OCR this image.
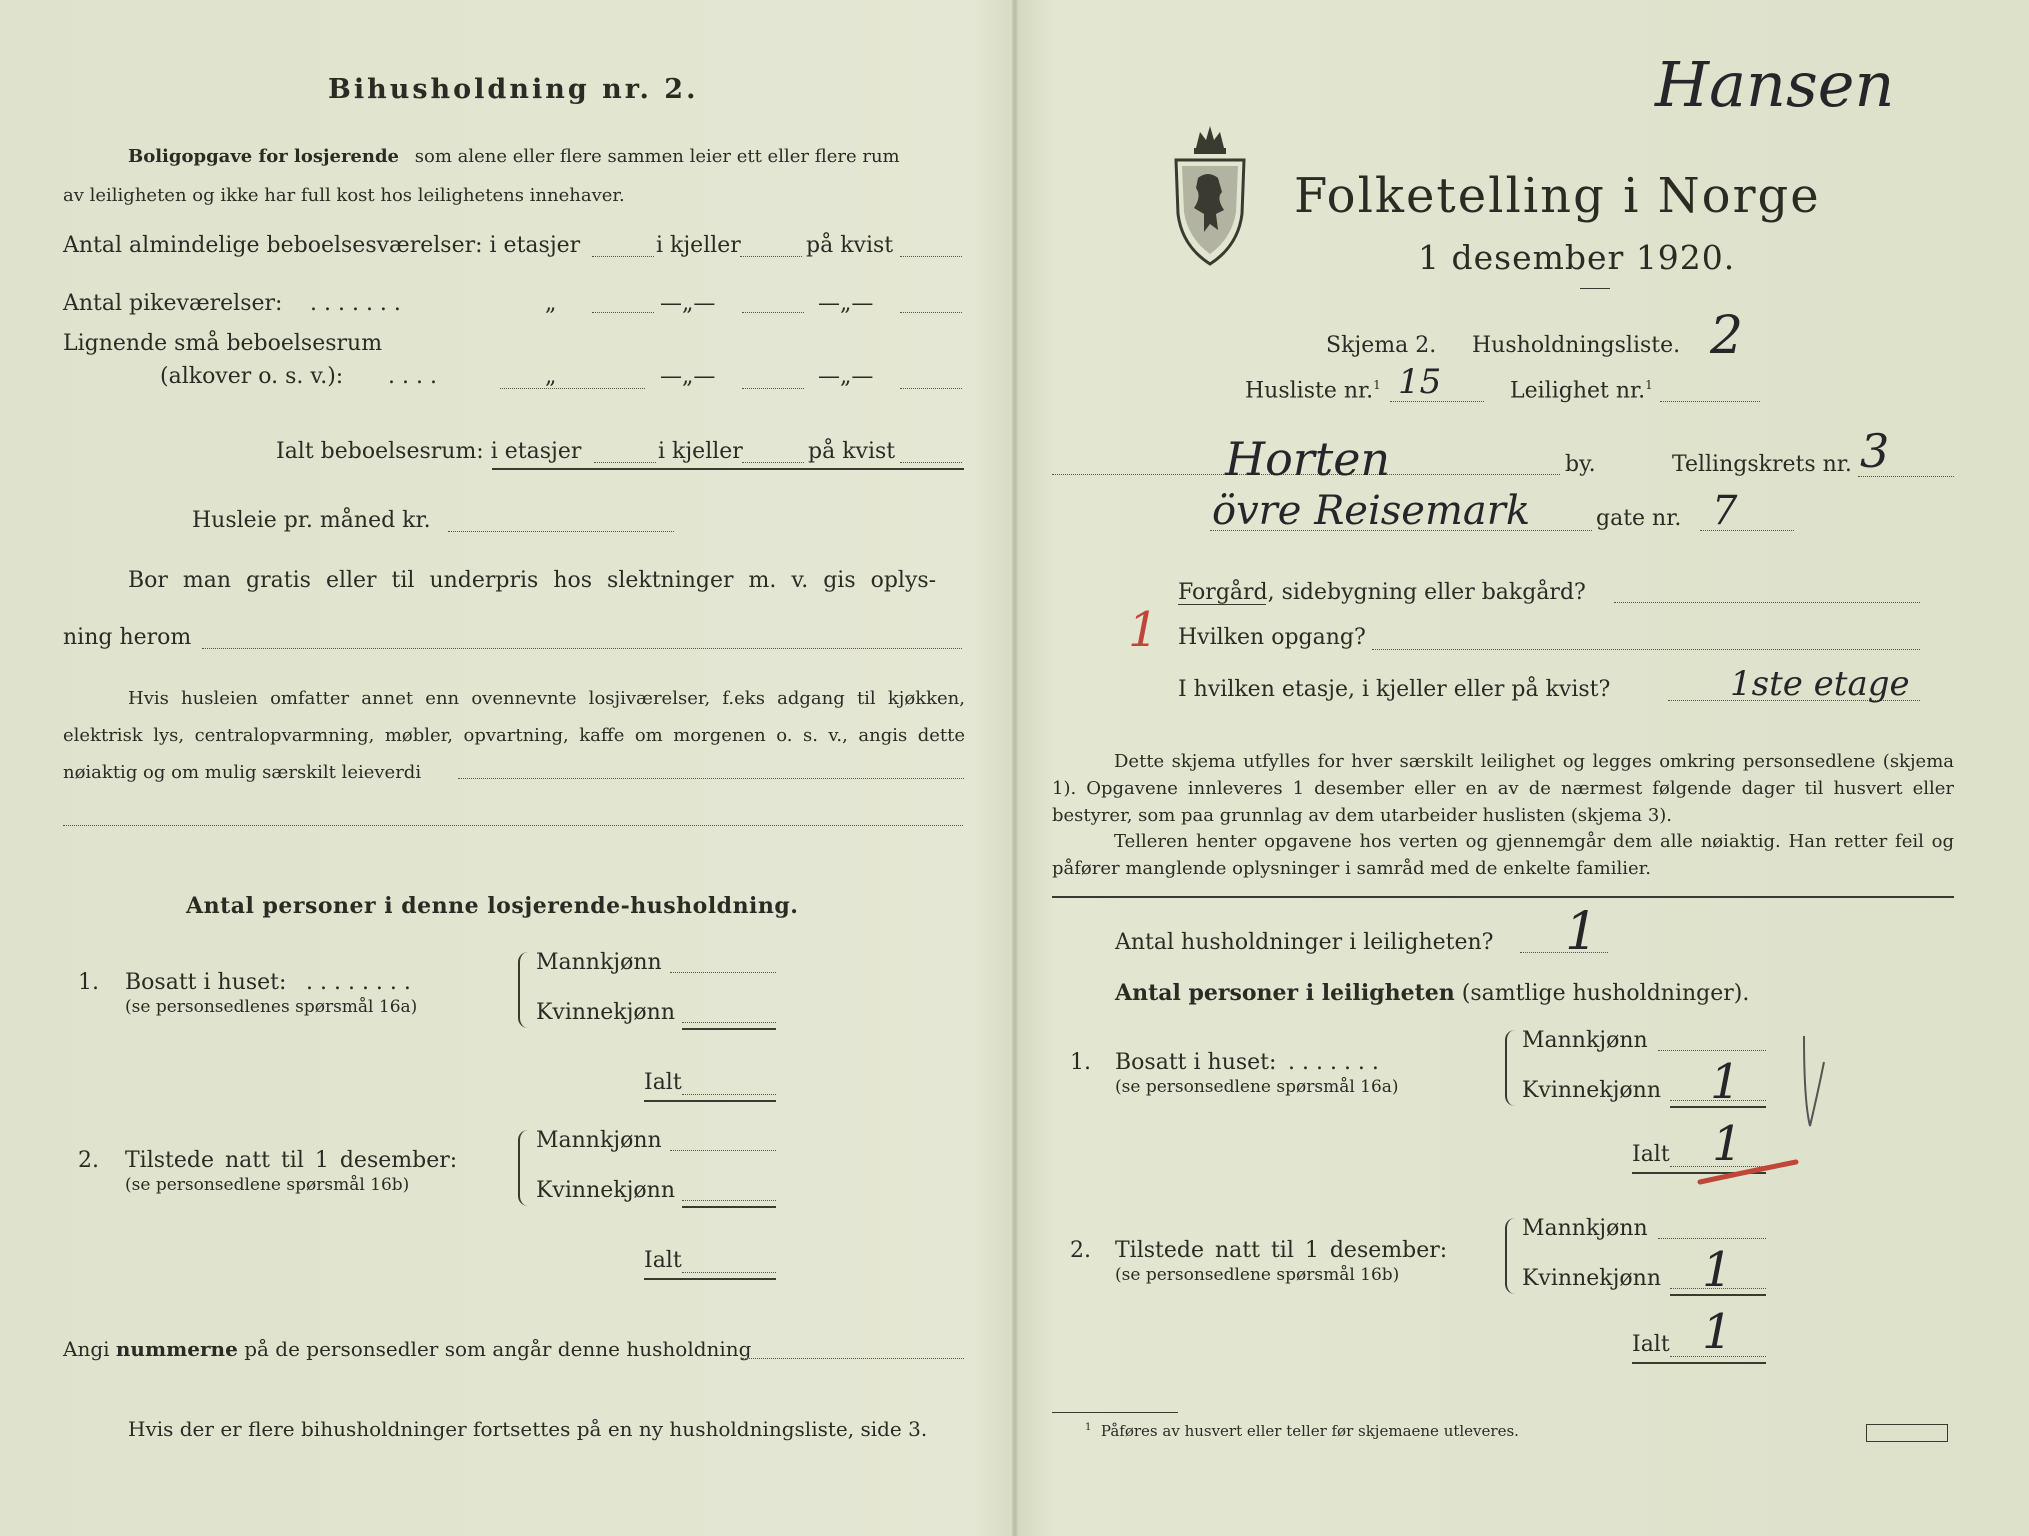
Bihusholdning nr. 2.
Boligopgave for losjerende som alene eller flere sammen leier ett eller flere rum
av leiligheten og ikke har full kost hos leilighetens innehaver.
Antal almindelige beboelsesværelser: i etasjer	i kjeller	på kvist
Antal pikeværelser: . . . . . . .	„	—„—	—„—
Lignende små beboelsesrum
(alkover o. s. v.): . . . .	„	—„—	—„—
Ialt beboelsesrum: i etasjer	i kjeller	på kvist
Husleie pr. måned kr.
Bor man gratis eller til underpris hos slektninger m. v. gis oplys-
ning herom
Hvis husleien omfatter annet enn ovennevnte losjiværelser, f.eks adgang til kjøkken, elektrisk lys, centralopvarmning, møbler, opvartning, kaffe om morgenen o. s. v., angis dette nøiaktig og om mulig særskilt leieverdi
Antal personer i denne losjerende-husholdning.
1. Bosatt i huset: . . . . . . . .
(se personsedlenes spørsmål 16a)
Mannkjønn
Kvinnekjønn
Ialt
2. Tilstede natt til 1 desember:
(se personsedlene spørsmål 16b)
Mannkjønn
Kvinnekjønn
Ialt
Angi nummerne på de personsedler som angår denne husholdning
Hvis der er flere bihusholdninger fortsettes på en ny husholdningsliste, side 3.
Hansen
Folketelling i Norge
1 desember 1920.
Skjema 2. Husholdningsliste. 2
Husliste nr.$^1$ 15	Leilighet nr.$^1$
Horten	by.	Tellingskrets nr. 3
övre Reisemark	gate nr. 7
Forgård, sidebygning eller bakgård?
1 Hvilken opgang?
I hvilken etasje, i kjeller eller på kvist?	1ste etage
Dette skjema utfylles for hver særskilt leilighet og legges omkring personsedlene (skjema 1). Opgavene innleveres 1 desember eller en av de nærmest følgende dager til husvert eller bestyrer, som paa grunnlag av dem utarbeider huslisten (skjema 3).
Telleren henter opgavene hos verten og gjennemgår dem alle nøiaktig. Han retter feil og påfører manglende oplysninger i samråd med de enkelte familier.
Antal husholdninger i leiligheten? 1
Antal personer i leiligheten (samtlige husholdninger).
1. Bosatt i huset: . . . . . . .
(se personsedlene spørsmål 16a)
Mannkjønn
Kvinnekjønn 1
Ialt 1
2. Tilstede natt til 1 desember:
(se personsedlene spørsmål 16b)
Mannkjønn
Kvinnekjønn 1
Ialt 1
$^1$ Påføres av husvert eller teller før skjemaene utleveres.
